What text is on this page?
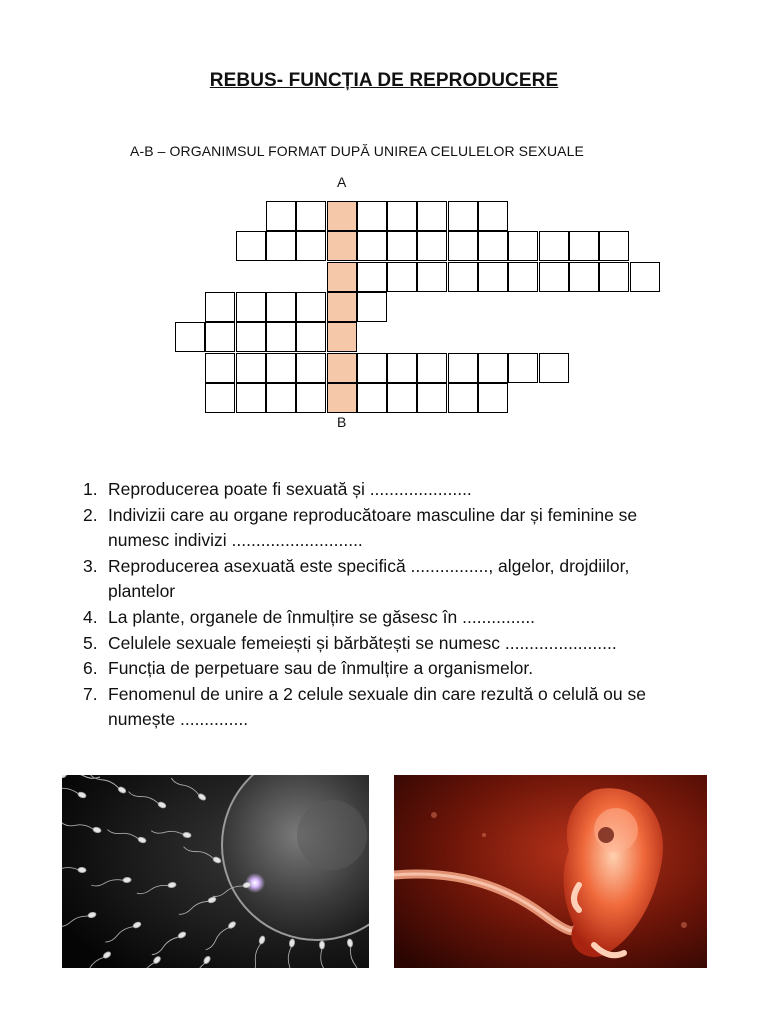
REBUS- FUNCȚIA DE REPRODUCERE
A-B – ORGANIMSUL FORMAT DUPĂ UNIREA CELULELOR SEXUALE
A
B
1. Reproducerea poate fi sexuată și .....................
2. Indivizii care au organe reproducătoare masculine dar și feminine se numesc indivizi ...........................
3. Reproducerea asexuată este specifică ................, algelor, drojdiilor, plantelor
4. La plante, organele de înmulțire se găsesc în ...............
5. Celulele sexuale femeiești și bărbătești se numesc .......................
6. Funcția de perpetuare sau de înmulțire a organismelor.
7. Fenomenul de unire a 2 celule sexuale din care rezultă o celulă ou se numește ..............
